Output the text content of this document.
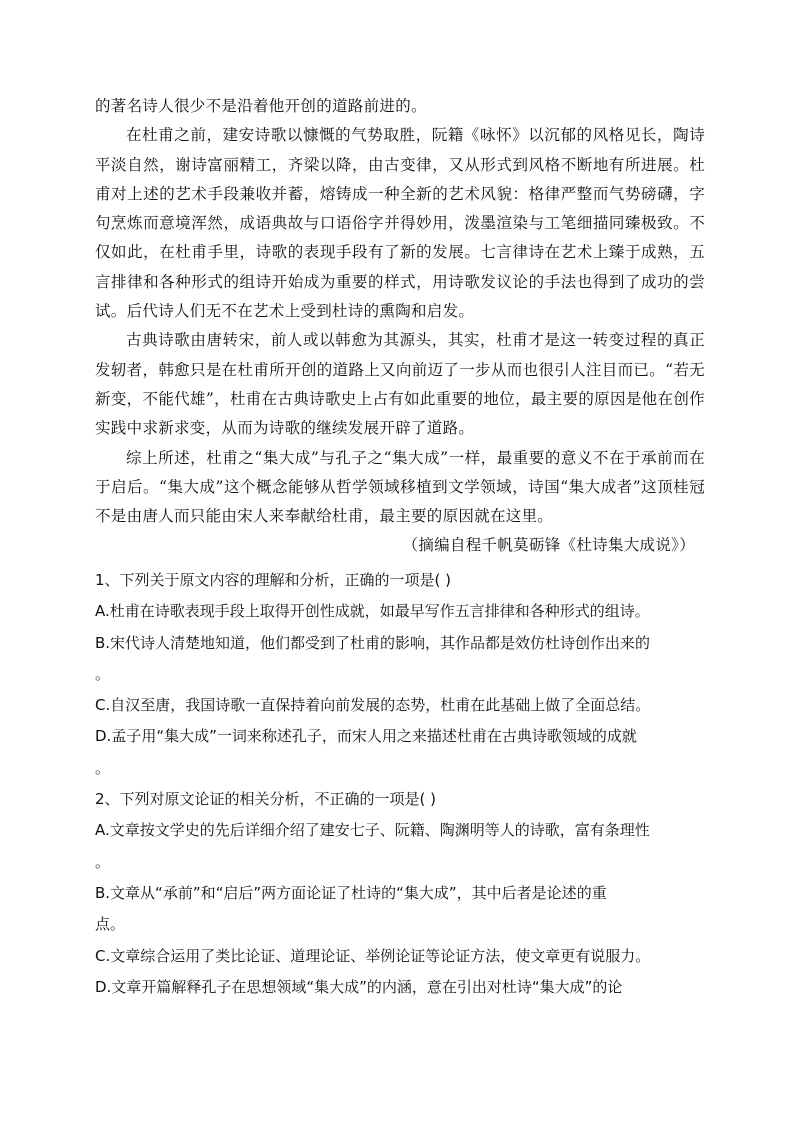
的著名诗人很少不是沿着他开创的道路前进的。

在杜甫之前，建安诗歌以慷慨的气势取胜，阮籍《咏怀》以沉郁的风格见长，陶诗平淡自然，谢诗富丽精工，齐梁以降，由古变律，又从形式到风格不断地有所进展。杜甫对上述的艺术手段兼收并蓄，熔铸成一种全新的艺术风貌：格律严整而气势磅礴，字句烹炼而意境浑然，成语典故与口语俗字并得妙用，泼墨渲染与工笔细描同臻极致。不仅如此，在杜甫手里，诗歌的表现手段有了新的发展。七言律诗在艺术上臻于成熟，五言排律和各种形式的组诗开始成为重要的样式，用诗歌发议论的手法也得到了成功的尝试。后代诗人们无不在艺术上受到杜诗的熏陶和启发。

古典诗歌由唐转宋，前人或以韩愈为其源头，其实，杜甫才是这一转变过程的真正发轫者，韩愈只是在杜甫所开创的道路上又向前迈了一步从而也很引人注目而已。“若无新变，不能代雄”，杜甫在古典诗歌史上占有如此重要的地位，最主要的原因是他在创作实践中求新求变，从而为诗歌的继续发展开辟了道路。

综上所述，杜甫之“集大成”与孔子之“集大成”一样，最重要的意义不在于承前而在于启后。“集大成”这个概念能够从哲学领域移植到文学领域，诗国“集大成者”这顶桂冠不是由唐人而只能由宋人来奉献给杜甫，最主要的原因就在这里。

（摘编自程千帆莫砺锋《杜诗集大成说》）

1、下列关于原文内容的理解和分析，正确的一项是( )

A.杜甫在诗歌表现手段上取得开创性成就，如最早写作五言排律和各种形式的组诗。

B.宋代诗人清楚地知道，他们都受到了杜甫的影响，其作品都是效仿杜诗创作出来的

。

C.自汉至唐，我国诗歌一直保持着向前发展的态势，杜甫在此基础上做了全面总结。

D.孟子用“集大成”一词来称述孔子，而宋人用之来描述杜甫在古典诗歌领域的成就

。

2、下列对原文论证的相关分析，不正确的一项是( )

A.文章按文学史的先后详细介绍了建安七子、阮籍、陶渊明等人的诗歌，富有条理性

。

B.文章从“承前”和“启后”两方面论证了杜诗的“集大成”，其中后者是论述的重

点。

C.文章综合运用了类比论证、道理论证、举例论证等论证方法，使文章更有说服力。

D.文章开篇解释孔子在思想领域“集大成”的内涵，意在引出对杜诗“集大成”的论
